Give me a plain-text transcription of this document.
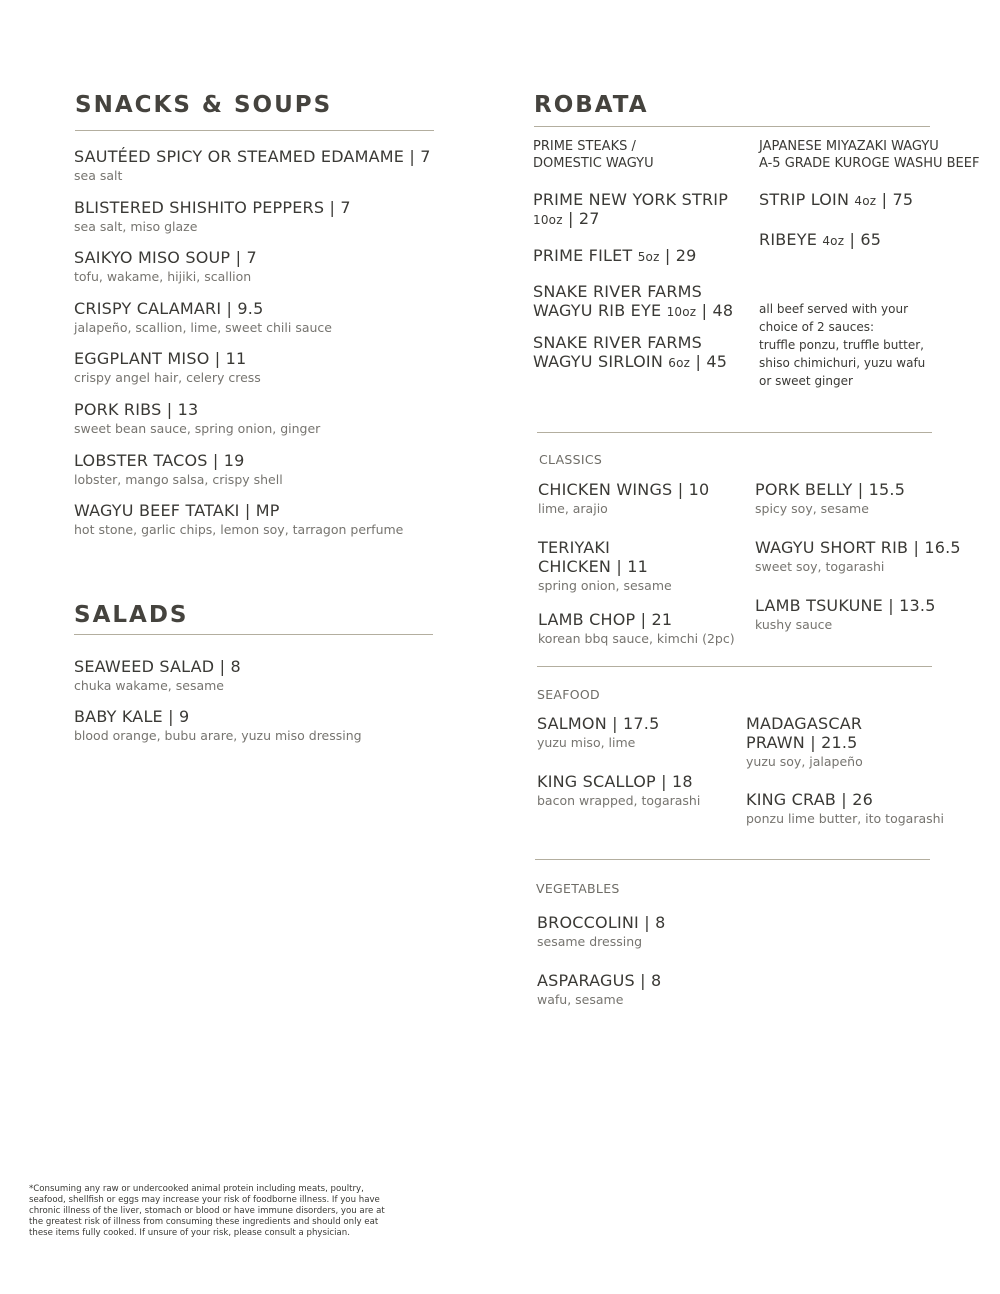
SNACKS & SOUPS
SAUTÉED SPICY OR STEAMED EDAMAME | 7
sea salt
BLISTERED SHISHITO PEPPERS | 7
sea salt, miso glaze
SAIKYO MISO SOUP | 7
tofu, wakame, hijiki, scallion
CRISPY CALAMARI | 9.5
jalapeño, scallion, lime, sweet chili sauce
EGGPLANT MISO | 11
crispy angel hair, celery cress
PORK RIBS | 13
sweet bean sauce, spring onion, ginger
LOBSTER TACOS | 19
lobster, mango salsa, crispy shell
WAGYU BEEF TATAKI | MP
hot stone, garlic chips, lemon soy, tarragon perfume
SALADS
SEAWEED SALAD | 8
chuka wakame, sesame
BABY KALE | 9
blood orange, bubu arare, yuzu miso dressing
ROBATA
PRIME STEAKS /
DOMESTIC WAGYU
JAPANESE MIYAZAKI WAGYU
A-5 GRADE KUROGE WASHU BEEF
PRIME NEW YORK STRIP
10oz | 27
PRIME FILET 5oz | 29
SNAKE RIVER FARMS
WAGYU RIB EYE 10oz | 48
SNAKE RIVER FARMS
WAGYU SIRLOIN 6oz | 45
STRIP LOIN 4oz | 75
RIBEYE 4oz | 65
all beef served with your
choice of 2 sauces:
truffle ponzu, truffle butter,
shiso chimichuri, yuzu wafu
or sweet ginger
CLASSICS
CHICKEN WINGS | 10
lime, arajio
TERIYAKI
CHICKEN | 11
spring onion, sesame
LAMB CHOP | 21
korean bbq sauce, kimchi (2pc)
PORK BELLY | 15.5
spicy soy, sesame
WAGYU SHORT RIB | 16.5
sweet soy, togarashi
LAMB TSUKUNE | 13.5
kushy sauce
SEAFOOD
SALMON | 17.5
yuzu miso, lime
KING SCALLOP | 18
bacon wrapped, togarashi
MADAGASCAR
PRAWN | 21.5
yuzu soy, jalapeño
KING CRAB | 26
ponzu lime butter, ito togarashi
VEGETABLES
BROCCOLINI | 8
sesame dressing
ASPARAGUS | 8
wafu, sesame
*Consuming any raw or undercooked animal protein including meats, poultry,
seafood, shellfish or eggs may increase your risk of foodborne illness. If you have
chronic illness of the liver, stomach or blood or have immune disorders, you are at
the greatest risk of illness from consuming these ingredients and should only eat
these items fully cooked. If unsure of your risk, please consult a physician.
